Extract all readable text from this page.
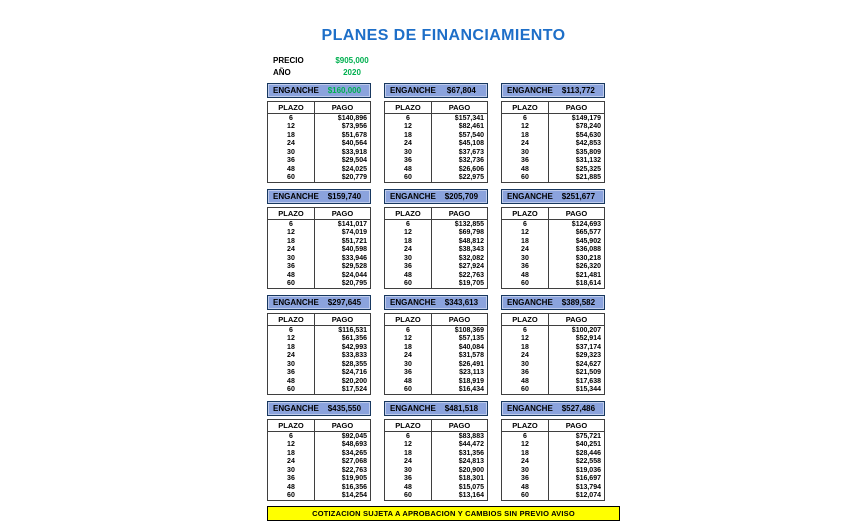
PLANES DE FINANCIAMIENTO
PRECIO	$905,000
AÑO	2020
ENGANCHE	$160,000
PLAZO	PAGO
6	$140,896
12	$73,956
18	$51,678
24	$40,564
30	$33,918
36	$29,504
48	$24,025
60	$20,779
ENGANCHE	$67,804
PLAZO	PAGO
6	$157,341
12	$82,461
18	$57,540
24	$45,108
30	$37,673
36	$32,736
48	$26,606
60	$22,975
ENGANCHE	$113,772
PLAZO	PAGO
6	$149,179
12	$78,240
18	$54,630
24	$42,853
30	$35,809
36	$31,132
48	$25,325
60	$21,885
ENGANCHE	$159,740
PLAZO	PAGO
6	$141,017
12	$74,019
18	$51,721
24	$40,598
30	$33,946
36	$29,528
48	$24,044
60	$20,795
ENGANCHE	$205,709
PLAZO	PAGO
6	$132,855
12	$69,798
18	$48,812
24	$38,343
30	$32,082
36	$27,924
48	$22,763
60	$19,705
ENGANCHE	$251,677
PLAZO	PAGO
6	$124,693
12	$65,577
18	$45,902
24	$36,088
30	$30,218
36	$26,320
48	$21,481
60	$18,614
ENGANCHE	$297,645
PLAZO	PAGO
6	$116,531
12	$61,356
18	$42,993
24	$33,833
30	$28,355
36	$24,716
48	$20,200
60	$17,524
ENGANCHE	$343,613
PLAZO	PAGO
6	$108,369
12	$57,135
18	$40,084
24	$31,578
30	$26,491
36	$23,113
48	$18,919
60	$16,434
ENGANCHE	$389,582
PLAZO	PAGO
6	$100,207
12	$52,914
18	$37,174
24	$29,323
30	$24,627
36	$21,509
48	$17,638
60	$15,344
ENGANCHE	$435,550
PLAZO	PAGO
6	$92,045
12	$48,693
18	$34,265
24	$27,068
30	$22,763
36	$19,905
48	$16,356
60	$14,254
ENGANCHE	$481,518
PLAZO	PAGO
6	$83,883
12	$44,472
18	$31,356
24	$24,813
30	$20,900
36	$18,301
48	$15,075
60	$13,164
ENGANCHE	$527,486
PLAZO	PAGO
6	$75,721
12	$40,251
18	$28,446
24	$22,558
30	$19,036
36	$16,697
48	$13,794
60	$12,074
COTIZACION SUJETA A APROBACION Y CAMBIOS SIN PREVIO AVISO
